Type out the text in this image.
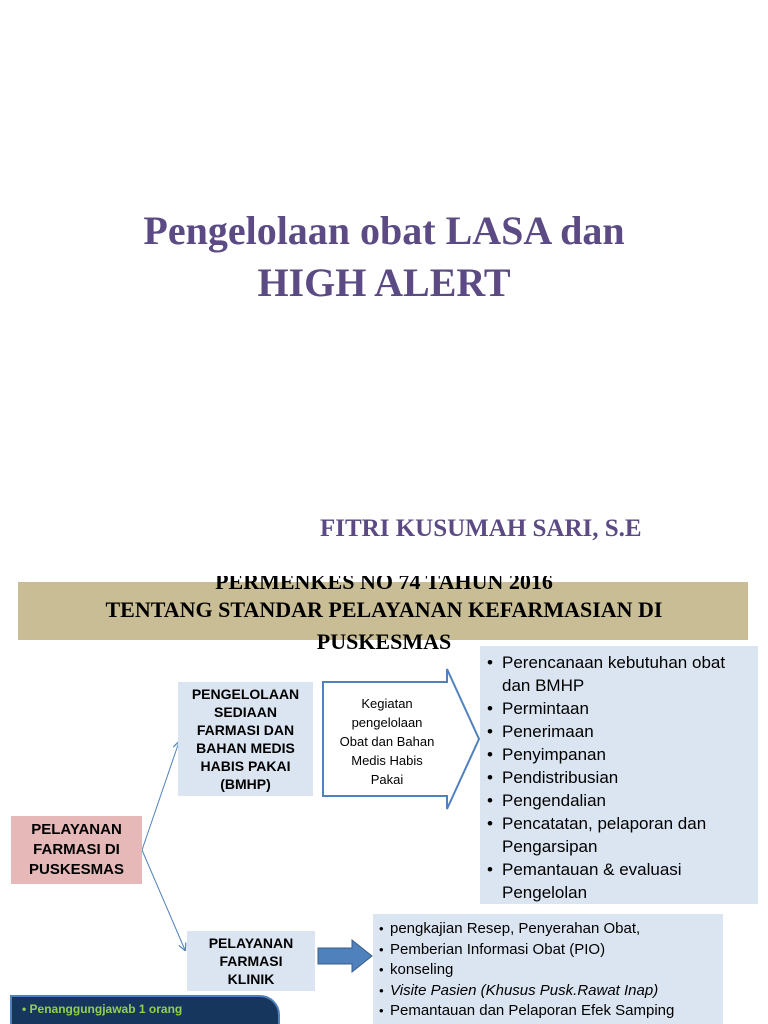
Pengelolaan obat LASA dan
HIGH ALERT

FITRI KUSUMAH SARI, S.E

PERMENKES NO 74 TAHUN 2016
TENTANG STANDAR PELAYANAN KEFARMASIAN DI
PUSKESMAS
PELAYANAN
FARMASI DI
PUSKESMAS
PENGELOLAAN
SEDIAAN
FARMASI DAN
BAHAN MEDIS
HABIS PAKAI
(BMHP)
Kegiatan
pengelolaan
Obat dan Bahan
Medis Habis
Pakai
• Perencanaan kebutuhan obat dan BMHP
• Permintaan
• Penerimaan
• Penyimpanan
• Pendistribusian
• Pengendalian
• Pencatatan, pelaporan dan Pengarsipan
• Pemantauan & evaluasi Pengelolan
PELAYANAN
FARMASI
KLINIK
• pengkajian Resep, Penyerahan Obat,
• Pemberian Informasi Obat (PIO)
• konseling
• Visite Pasien (Khusus Pusk.Rawat Inap)
• Pemantauan dan Pelaporan Efek Samping
• Penanggungjawab 1 orang
